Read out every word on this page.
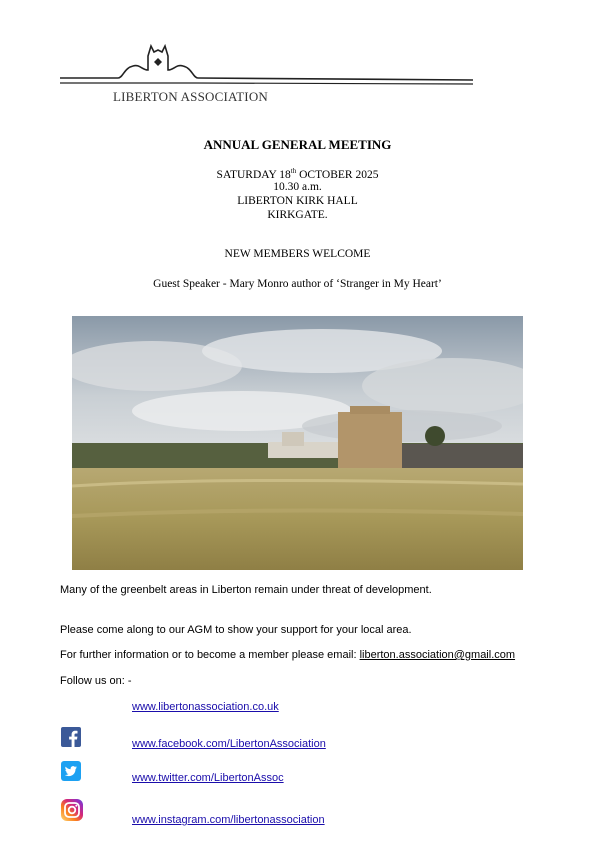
LIBERTON ASSOCIATION
ANNUAL GENERAL MEETING
SATURDAY 18th OCTOBER 2025
10.30 a.m.
LIBERTON KIRK HALL
KIRKGATE.
NEW MEMBERS WELCOME
Guest Speaker - Mary Monro author of ‘Stranger in My Heart’
Many of the greenbelt areas in Liberton remain under threat of development.
Please come along to our AGM to show your support for your local area.
For further information or to become a member please email: liberton.association@gmail.com
Follow us on: -
www.libertonassociation.co.uk
www.facebook.com/LibertonAssociation
www.twitter.com/LibertonAssoc
www.instagram.com/libertonassociation
